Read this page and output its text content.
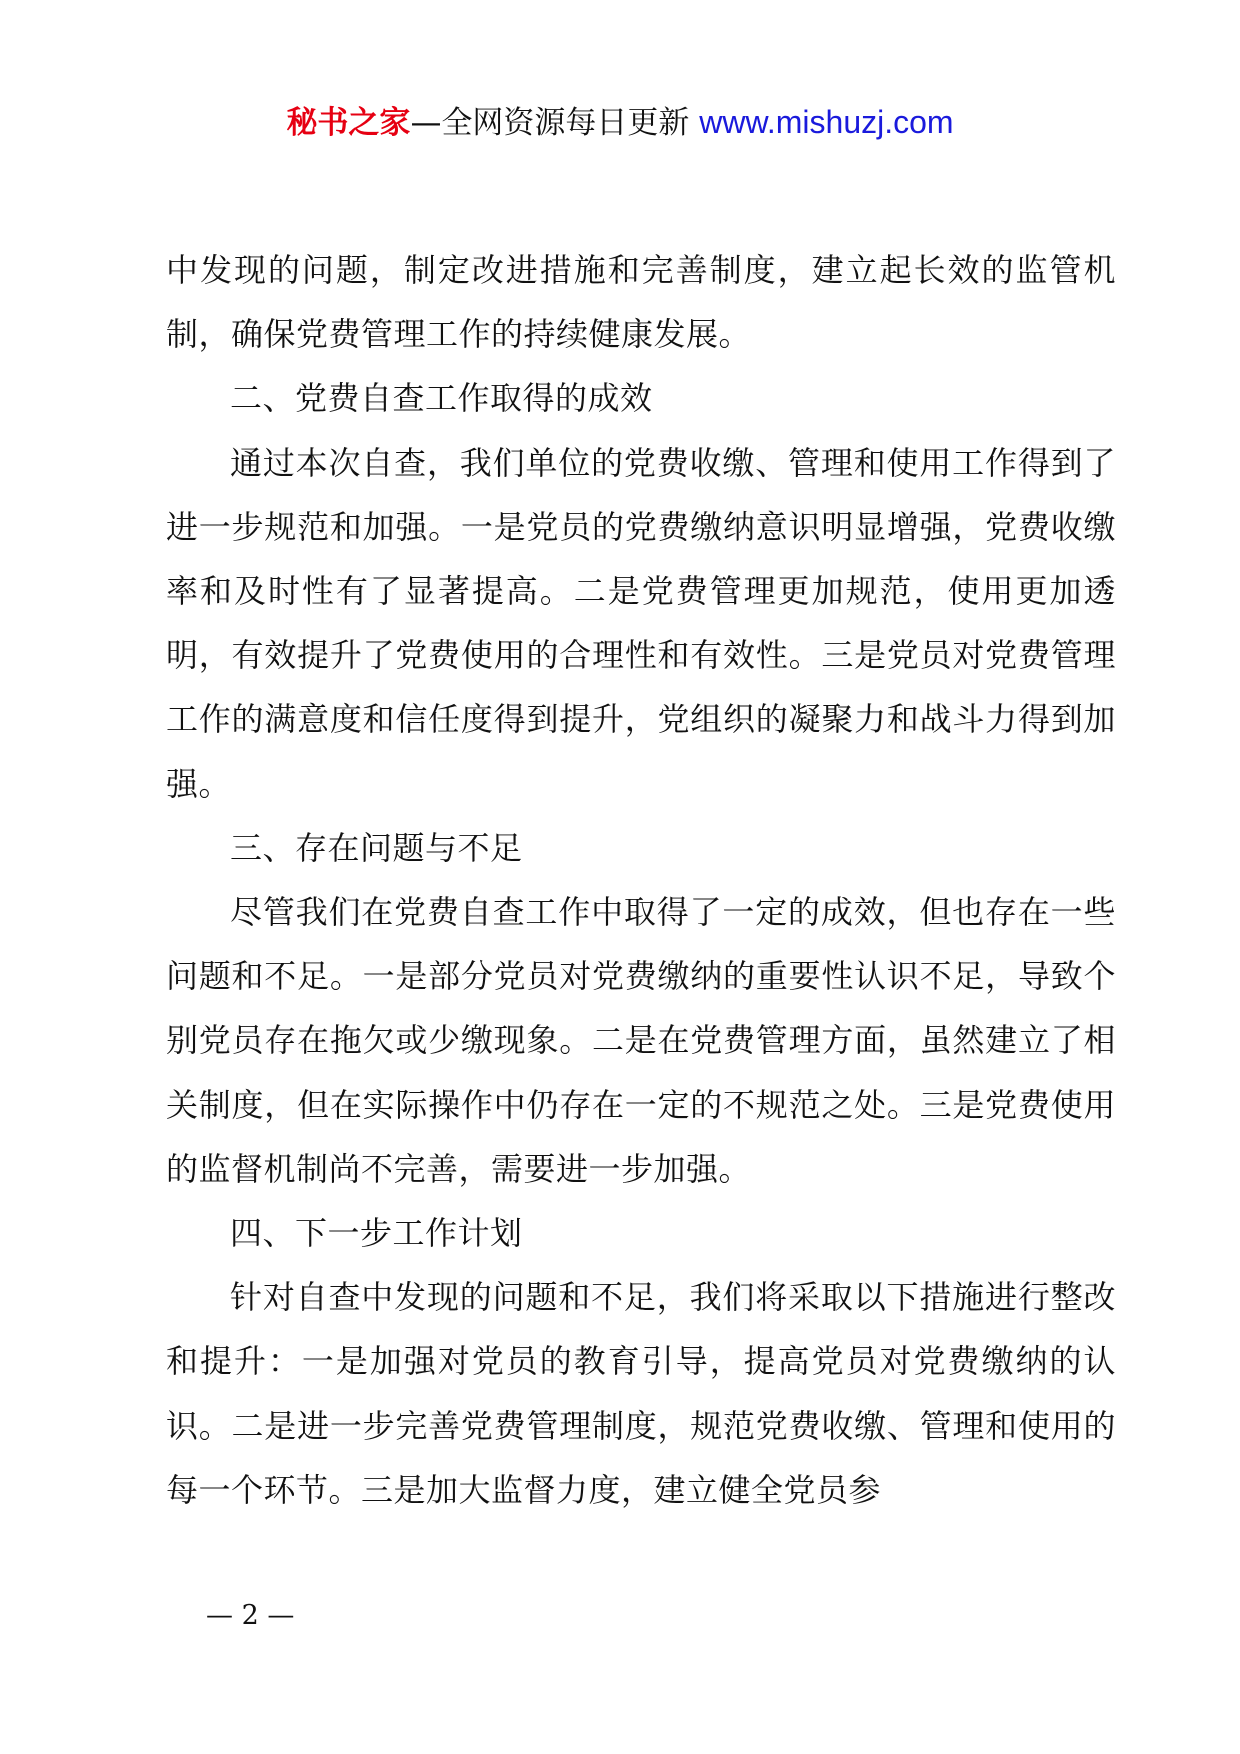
秘书之家—全网资源每日更新 www.mishuzj.com

中发现的问题，制定改进措施和完善制度，建立起长效的监管机制，确保党费管理工作的持续健康发展。

二、党费自查工作取得的成效

通过本次自查，我们单位的党费收缴、管理和使用工作得到了进一步规范和加强。一是党员的党费缴纳意识明显增强，党费收缴率和及时性有了显著提高。二是党费管理更加规范，使用更加透明，有效提升了党费使用的合理性和有效性。三是党员对党费管理工作的满意度和信任度得到提升，党组织的凝聚力和战斗力得到加强。

三、存在问题与不足

尽管我们在党费自查工作中取得了一定的成效，但也存在一些问题和不足。一是部分党员对党费缴纳的重要性认识不足，导致个别党员存在拖欠或少缴现象。二是在党费管理方面，虽然建立了相关制度，但在实际操作中仍存在一定的不规范之处。三是党费使用的监督机制尚不完善，需要进一步加强。

四、下一步工作计划

针对自查中发现的问题和不足，我们将采取以下措施进行整改和提升：一是加强对党员的教育引导，提高党员对党费缴纳的认识。二是进一步完善党费管理制度，规范党费收缴、管理和使用的每一个环节。三是加大监督力度，建立健全党员参

— 2 —
